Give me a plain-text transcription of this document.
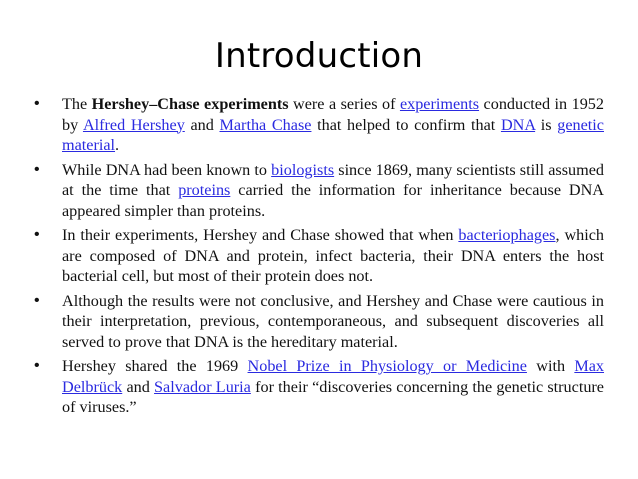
Introduction
• The Hershey–Chase experiments were a series of experiments conducted in 1952 by Alfred Hershey and Martha Chase that helped to confirm that DNA is genetic material.
• While DNA had been known to biologists since 1869, many scientists still assumed at the time that proteins carried the information for inheritance because DNA appeared simpler than proteins.
• In their experiments, Hershey and Chase showed that when bacteriophages, which are composed of DNA and protein, infect bacteria, their DNA enters the host bacterial cell, but most of their protein does not.
• Although the results were not conclusive, and Hershey and Chase were cautious in their interpretation, previous, contemporaneous, and subsequent discoveries all served to prove that DNA is the hereditary material.
• Hershey shared the 1969 Nobel Prize in Physiology or Medicine with Max Delbrück and Salvador Luria for their “discoveries concerning the genetic structure of viruses.”
